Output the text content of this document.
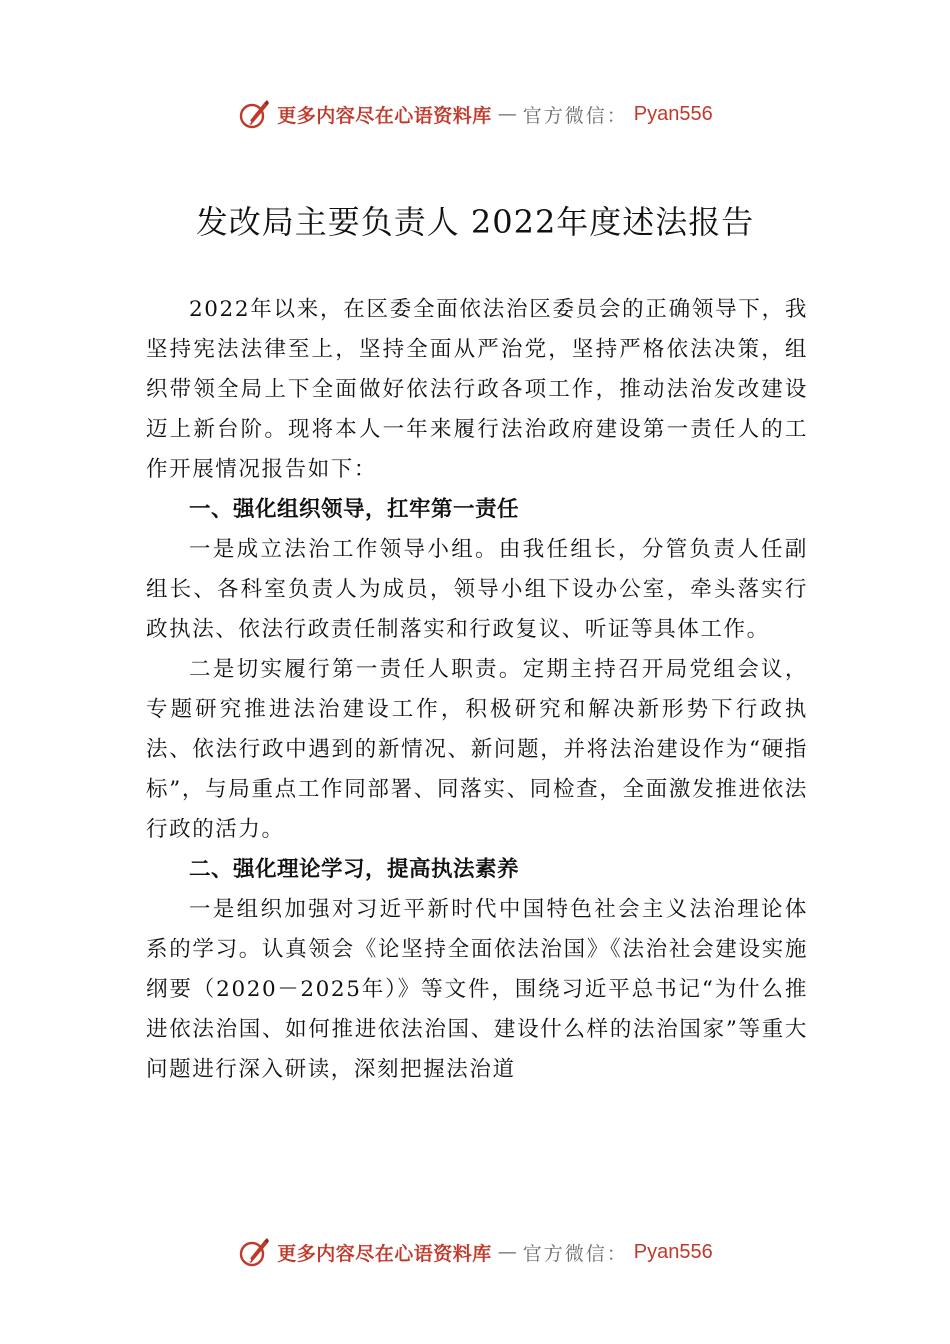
更多内容尽在心语资料库 — 官方微信： Pyan556
发改局主要负责人 2022年度述法报告

2022年以来，在区委全面依法治区委员会的正确领导下，我坚持宪法法律至上，坚持全面从严治党，坚持严格依法决策，组织带领全局上下全面做好依法行政各项工作，推动法治发改建设迈上新台阶。现将本人一年来履行法治政府建设第一责任人的工作开展情况报告如下：

一、强化组织领导，扛牢第一责任

一是成立法治工作领导小组。由我任组长，分管负责人任副组长、各科室负责人为成员，领导小组下设办公室，牵头落实行政执法、依法行政责任制落实和行政复议、听证等具体工作。

二是切实履行第一责任人职责。定期主持召开局党组会议，专题研究推进法治建设工作，积极研究和解决新形势下行政执法、依法行政中遇到的新情况、新问题，并将法治建设作为“硬指标”，与局重点工作同部署、同落实、同检查，全面激发推进依法行政的活力。

二、强化理论学习，提高执法素养

一是组织加强对习近平新时代中国特色社会主义法治理论体系的学习。认真领会《论坚持全面依法治国》《法治社会建设实施纲要（2020－2025年）》等文件，围绕习近平总书记“为什么推进依法治国、如何推进依法治国、建设什么样的法治国家”等重大问题进行深入研读，深刻把握法治道

更多内容尽在心语资料库 — 官方微信： Pyan556
